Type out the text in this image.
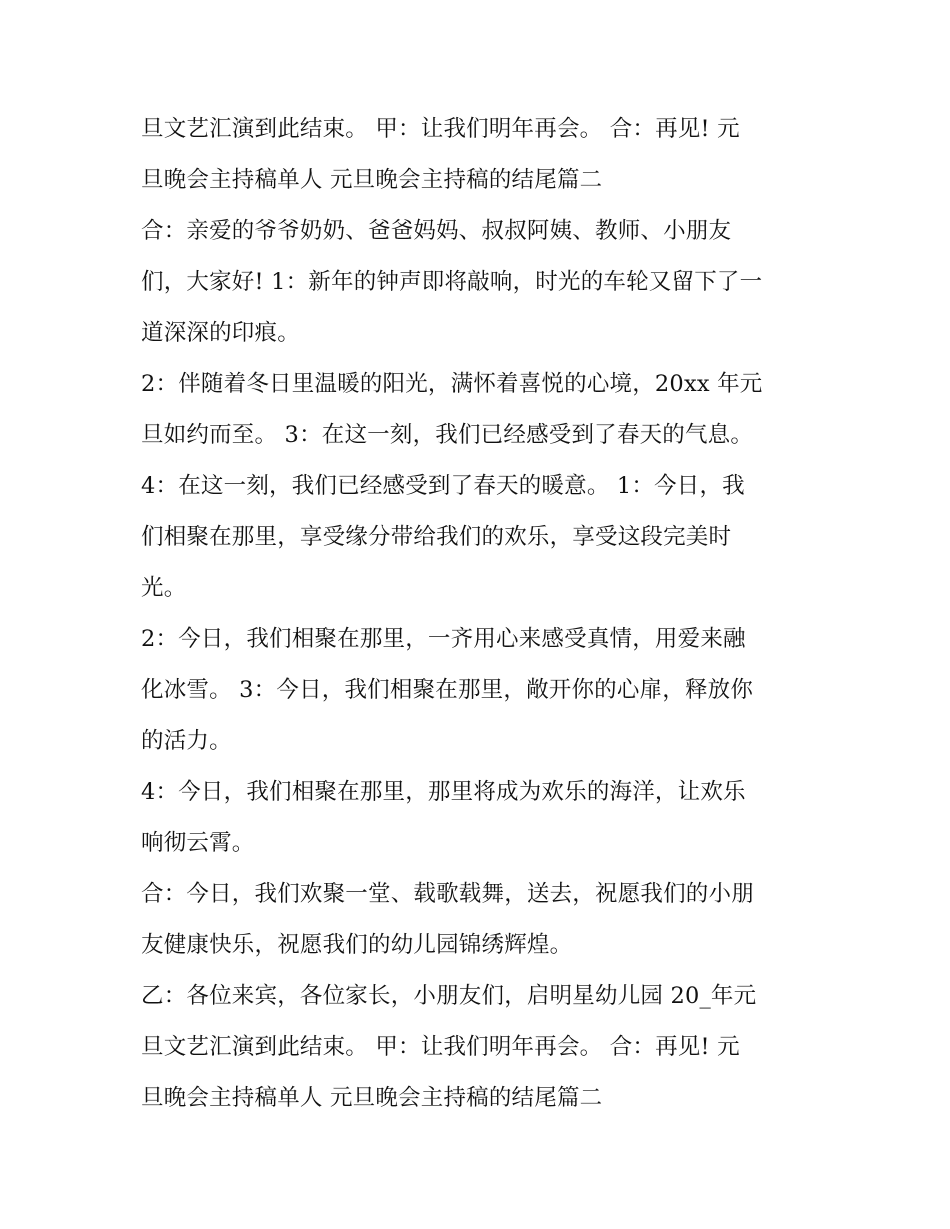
旦文艺汇演到此结束。 甲：让我们明年再会。 合：再见! 元
旦晚会主持稿单人 元旦晚会主持稿的结尾篇二
合：亲爱的爷爷奶奶、爸爸妈妈、叔叔阿姨、教师、小朋友
们，大家好! 1：新年的钟声即将敲响，时光的车轮又留下了一
道深深的印痕。
2：伴随着冬日里温暖的阳光，满怀着喜悦的心境，20xx 年元
旦如约而至。 3：在这一刻，我们已经感受到了春天的气息。
4：在这一刻，我们已经感受到了春天的暖意。 1：今日，我
们相聚在那里，享受缘分带给我们的欢乐，享受这段完美时
光。
2：今日，我们相聚在那里，一齐用心来感受真情，用爱来融
化冰雪。 3：今日，我们相聚在那里，敞开你的心扉，释放你
的活力。
4：今日，我们相聚在那里，那里将成为欢乐的海洋，让欢乐
响彻云霄。
合：今日，我们欢聚一堂、载歌载舞，送去，祝愿我们的小朋
友健康快乐，祝愿我们的幼儿园锦绣辉煌。
乙：各位来宾，各位家长，小朋友们，启明星幼儿园 20_年元
旦文艺汇演到此结束。 甲：让我们明年再会。 合：再见! 元
旦晚会主持稿单人 元旦晚会主持稿的结尾篇二
